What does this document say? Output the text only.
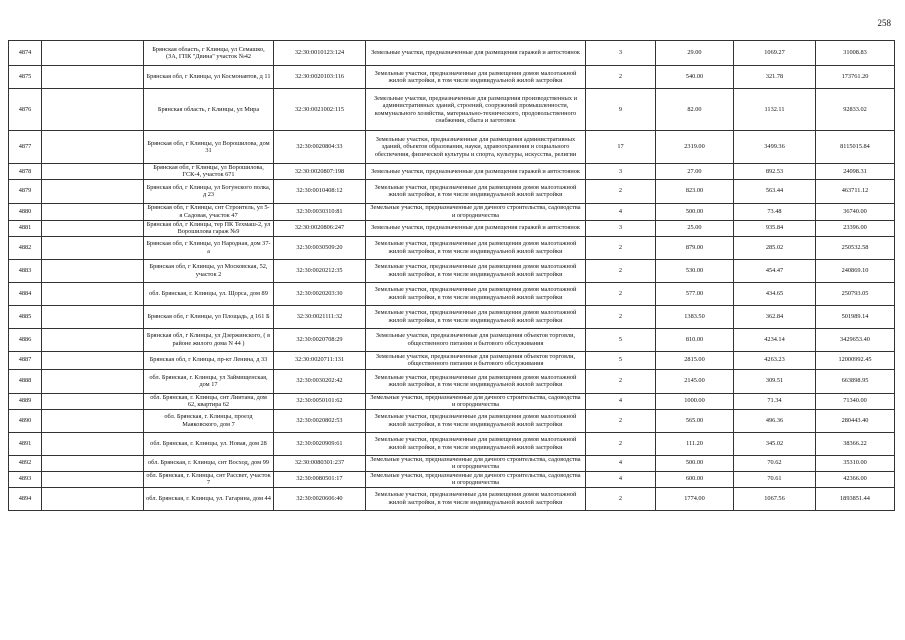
258
4874		Брянская область, г Клинцы, ул Семашко, (ЗА, ГПК "Двина" участок №42	32:30:0010123:124	Земельные участки, предназначенные для размещения гаражей и автостоянок	3	29.00	1069.27	31008.83
4875		Брянская обл, г Клинцы, ул Космонавтов, д 11	32:30:0020103:116	Земельные участки, предназначенные для размещения домов малоэтажной жилой застройки, в том числе индивидуальной жилой застройки	2	540.00	321.78	173761.20
4876		Брянская область, г Клинцы, ул Мира	32:30:0021002:115	Земельные участки, предназначенные для размещения производственных и административных зданий, строений, сооружений промышленности, коммунального хозяйства, материально-технического, продовольственного снабжения, сбыта и заготовок	9	82.00	1132.11	92833.02
4877		Брянская обл, г Клинцы, ул Ворошилова, дом 31	32:30:0020804:33	Земельные участки, предназначенные для размещения административных зданий, объектов образования, науки, здравоохранения и социального обеспечения, физической культуры и спорта, культуры, искусства, религии	17	2319.00	3499.36	8115015.84
4878		Брянская обл, г Клинцы, ул Ворошилова, ГСК-4, участок 671	32:30:0020807:198	Земельные участки, предназначенные для размещения гаражей и автостоянок	3	27.00	892.53	24098.31
4879		Брянская обл, г Клинцы, ул Богунского полка, д 23	32:30:0010408:12	Земельные участки, предназначенные для размещения домов малоэтажной жилой застройки, в том числе индивидуальной жилой застройки	2	823.00	563.44	463711.12
4880		Брянская обл, г Клинцы, снт Строитель, ул 5-я Садовая, участок 47	32:30:0030310:81	Земельные участки, предназначенные для дачного строительства, садоводства и огородничества	4	500.00	73.48	36740.00
4881		Брянская обл, г Клинцы, тер ПК Техмаш-2, ул Ворошилова гараж №9	32:30:0020806:247	Земельные участки, предназначенные для размещения гаражей и автостоянок	3	25.00	935.84	23396.00
4882		Брянская обл, г Клинцы, ул Народная, дом 37-а	32:30:0030509:20	Земельные участки, предназначенные для размещения домов малоэтажной жилой застройки, в том числе индивидуальной жилой застройки	2	879.00	285.02	250532.58
4883		Брянская обл, г Клинцы, ул Московская, 52, участок 2	32:30:0020212:35	Земельные участки, предназначенные для размещения домов малоэтажной жилой застройки, в том числе индивидуальной жилой застройки	2	530.00	454.47	240869.10
4884		обл. Брянская, г. Клинцы, ул. Щорса, дом 89	32:30:0020203:30	Земельные участки, предназначенные для размещения домов малоэтажной жилой застройки, в том числе индивидуальной жилой застройки	2	577.00	434.65	250793.05
4885		Брянская обл, г Клинцы, ул Площадь, д 161 Б	32:30:0021111:32	Земельные участки, предназначенные для размещения домов малоэтажной жилой застройки, в том числе индивидуальной жилой застройки	2	1383.50	362.84	501989.14
4886		Брянская обл, г Клинцы, ул Дзержинского, ( в районе жилого дома N 44 )	32:30:0020708:29	Земельные участки, предназначенные для размещения объектов торговли, общественного питания и бытового обслуживания	5	810.00	4234.14	3429653.40
4887		Брянская обл, г Клинцы, пр-кт Ленина, д 33	32:30:0020711:131	Земельные участки, предназначенные для размещения объектов торговли, общественного питания и бытового обслуживания	5	2815.00	4263.23	12000992.45
4888		обл. Брянская, г. Клинцы, ул Займищенская, дом 17	32:30:0030202:42	Земельные участки, предназначенные для размещения домов малоэтажной жилой застройки, в том числе индивидуальной жилой застройки	2	2145.00	309.51	663898.95
4889		обл. Брянская, г. Клинцы, снт Лиитана, дом 62, квартира 62	32:30:0050101:62	Земельные участки, предназначенные для дачного строительства, садоводства и огородничества	4	1000.00	71.34	71340.00
4890		обл. Брянская, г. Клинцы, проезд Маяковского, дом 7	32:30:0020802:53	Земельные участки, предназначенные для размещения домов малоэтажной жилой застройки, в том числе индивидуальной жилой застройки	2	565.00	496.36	280443.40
4891		обл. Брянская, г. Клинцы, ул. Новая, дом 28	32:30:0020909:61	Земельные участки, предназначенные для размещения домов малоэтажной жилой застройки, в том числе индивидуальной жилой застройки	2	111.20	345.02	38366.22
4892		обл. Брянская, г. Клинцы, снт Восход, дом 99	32:30:0080301:237	Земельные участки, предназначенные для дачного строительства, садоводства и огородничества	4	500.00	70.62	35310.00
4893		обл. Брянская, г. Клинцы, снт Рассвет, участок 7	32:30:0080501:17	Земельные участки, предназначенные для дачного строительства, садоводства и огородничества	4	600.00	70.61	42366.00
4894		обл. Брянская, г. Клинцы, ул. Гагарина, дом 44	32:30:0020606:40	Земельные участки, предназначенные для размещения домов малоэтажной жилой застройки, в том числе индивидуальной жилой застройки	2	1774.00	1067.56	1893851.44
